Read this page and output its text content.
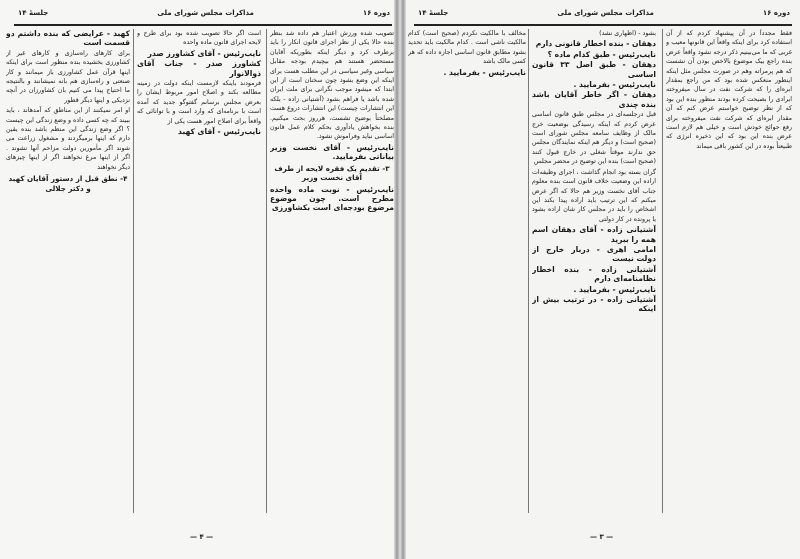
دوره ۱۶
مذاکرات مجلس شورای ملی
جلسهٔ ۱۴

تصویب شده ورزش اعتبار هم داده شد بنظر بنده حالا یکی از نظر اجرای قانون انکار را باید برطرف کرد و دیگر اینکه بطوریکه آقایان مستحضر هستند هم بیچیدم بودجه مقابل سیاسی وغیر سیاسی در این مطلب هست برای اینکه این وضع بشود چون سخنان است از این ابتدا که میشود موجب نگرانی برای ملت ایران شده باشد یا فراهم بشود (آشتیانی زاده - بلکه این انتشارات چیست) این انتشارات دروغ هست مصلحتاً بوضیح تشست، هرروز بحث میکنیم. بنده بخواهش یادآوری بحکم کلام عمل قانون اساسی نباید وفراموش نشود.

نایب‌رئیس - آقای نخست وزیر بیاناتی بفرمایید.

۳- تقدیم یک فقره لایحه از طرف آقای نخست وزیر

نایب‌رئیس - نوبت ماده واحده مطرح است. چون موضوع مرضوع بودجه‌ای است بکشاورزی

است اگر حالا تصویب شده بود برای طرح و لایحه اجرای قانون ماده واحده

نایب‌رئیس - آقای کشاورز صدر

کشاورز صدر - جناب آقای ذوالانوار

فرمودند باینکه لازمست اینکه دولت در زمینه مطالعه بکند و اصلاح امور مربوط ایشان را بعرض مجلس برسانم گفتوگو جدید که آمده است با برنامه‌ای که وارد است و با توانائی که واقعاً برای اصلاح امور هست یکی از

نایب‌رئیس - آقای کهبد

کهبد - عرایضی که بنده داشتم دو قسمت است

برای کارهای راه‌سازی و کارهای غیر از کشاورزی بخشیده بنده منظور است برای اینکه اینها قرآن عمل کشاورزی باز میمانند و کار صنعتی و راه‌سازی هم بانه نمیشانند و بالنتیجه ما احتیاج پیدا می کنیم بان کشاورزان در آنچه نزدیکی و اینها دیگر قطور

او امر نمیکنند از این مناطق که آمدهاند ، باید ببیند که چه کسی داده و وضع زندگی این چیست ؟ اگر وضع زندگی این منظم باشد بنده یقین دارم که اینها برمیگردند و مشغول زراعت می شوند اگر مأمورین دولت مزاحم آنها نشوند . اگر از اینها مرغ نخواهند اگر از اینها چیزهای دیگر نخواهند

۴- نطق قبل از دستور آقایان کهبد و دکتر جلالی

— ۴ —
دوره ۱۶
مذاکرات مجلس شورای ملی
جلسهٔ ۱۴

فقط مجدداً در آن پیشنهاد کردم که از آن استفاده کرد برای اینکه واقعاً این قانونها معیب و غربی که ما می‌بینیم ذکر درجه نشود واقعاً عرض بنده راجع بیک موضوع بالاخص بودن آن نشست که هم پرمراته وهم در صورت مجلس مثل اینکه اینطور منعکس شده بود که من راجع بمقدار ابره‌ای را که شرکت نفت در سال میفروخته ایرادی را بصیحت کرده بودند منظور بنده این بود که از نظر توضیح خواستم عرض کنم که آن مقدار ابره‌ای که شرکت نفت میفروخته برای رفع حوائج خودش است و خیلی هم لازم است عرض بنده این بود که این ذخیره انرژی که طبیعتاً بوده در این کشور باقی میماند

بشود - (اظهاری نشد)

دهقان - بنده اخطار قانونی دارم

نایب‌رئیس - طبق کدام ماده ؟

دهقان - طبق اصل ۳۳ قانون اساسی

نایب‌رئیس - بفرمایید .

دهقان - اگر خاطر آقایان باشد بنده چندی

قبل درجلسه‌ای در مجلس طبق قانون اساسی عرض کردم که اینکه رسیدگی بوضعیت خرج مالک از وظایف سامعه مجلس شورای است (صحیح است) و دیگر هم اینکه نمایندگان مجلس حق ندارند موقتاً شغلی در خارج قبول کنند (صحیح است) بنده این توضیح در محضر مجلس

گران بسته بود انجام گذاشت ، اجرای وظیفه‌ات اراده این وضعیت خلاف قانون است بنده معلوم جناب آقای نخست وزیر هم حالا که اگر عرض میکنم که این ترتیب باید اراده پیدا بکند این اشخاص را باید در مجلس کار شان اراده بشود یا پرونده در کار دولتی

آشتیانی زاده - آقای دهقان اسم همه را ببرید

امامی اهری - دربار خارج از دولت نیست

آشتیانی زاده - بنده اخطار نظامنامه‌ای دارم

نایب‌رئیس - بفرمایید .

آشتیانی زاده - در ترتیب بیش از اینکه

مخالف با مالکیت نکردم (صحیح است) کدام مالکیت ناشی است . کدام مالکیت باید تحدید بشود مطابق قانون اساسی اجازه داده که هر کسی مالک باشد

نایب‌رئیس - بفرمایید .

— ۳ —
